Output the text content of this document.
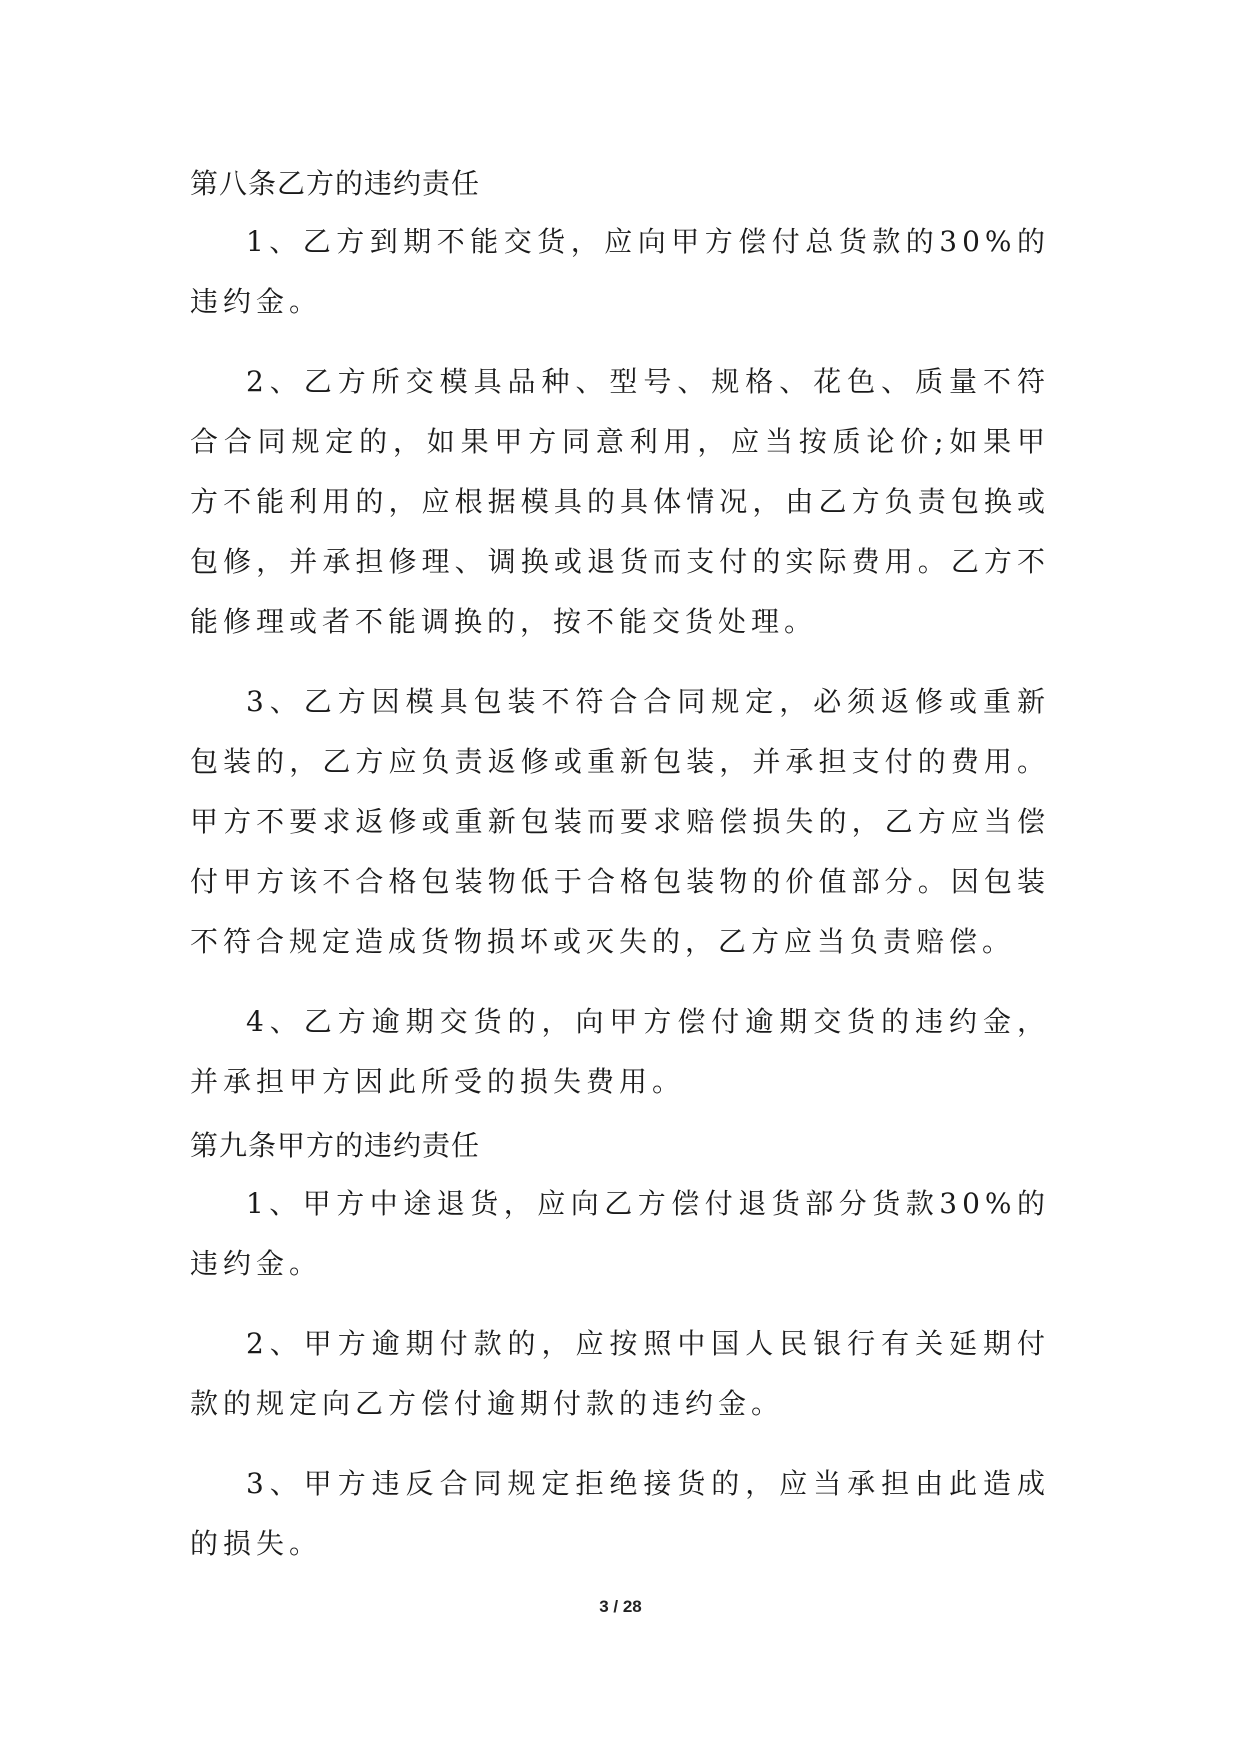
第八条乙方的违约责任

1、乙方到期不能交货，应向甲方偿付总货款的30%的违约金。

2、乙方所交模具品种、型号、规格、花色、质量不符合合同规定的，如果甲方同意利用，应当按质论价;如果甲方不能利用的，应根据模具的具体情况，由乙方负责包换或包修，并承担修理、调换或退货而支付的实际费用。乙方不能修理或者不能调换的，按不能交货处理。

3、乙方因模具包装不符合合同规定，必须返修或重新包装的，乙方应负责返修或重新包装，并承担支付的费用。甲方不要求返修或重新包装而要求赔偿损失的，乙方应当偿付甲方该不合格包装物低于合格包装物的价值部分。因包装不符合规定造成货物损坏或灭失的，乙方应当负责赔偿。

4、乙方逾期交货的，向甲方偿付逾期交货的违约金，并承担甲方因此所受的损失费用。

第九条甲方的违约责任

1、甲方中途退货，应向乙方偿付退货部分货款30%的违约金。

2、甲方逾期付款的，应按照中国人民银行有关延期付款的规定向乙方偿付逾期付款的违约金。

3、甲方违反合同规定拒绝接货的，应当承担由此造成的损失。

3 / 28
